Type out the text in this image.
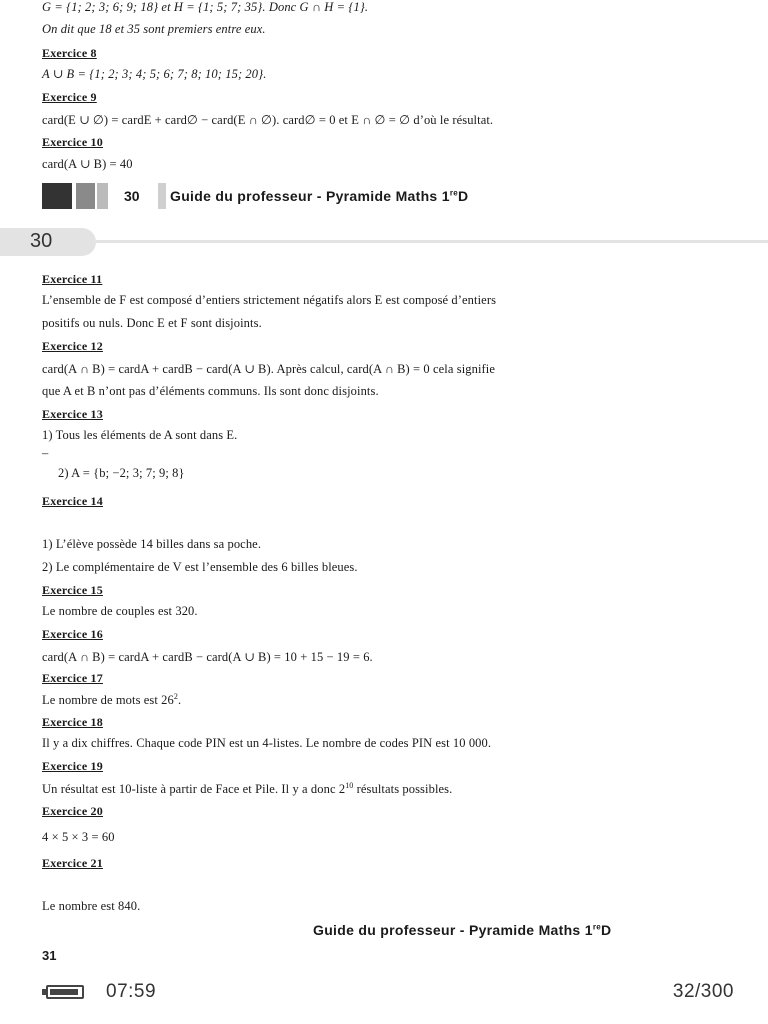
G = {1; 2; 3; 6; 9; 18} et H = {1; 5; 7; 35}. Donc G ∩ H = {1}.
On dit que 18 et 35 sont premiers entre eux.
Exercice 8
A ∪ B = {1; 2; 3; 4; 5; 6; 7; 8; 10; 15; 20}.
Exercice 9
card(E ∪ ∅) = cardE + card∅ − card(E ∩ ∅). card∅ = 0 et E ∩ ∅ = ∅ d’où le résultat.
Exercice 10
card(A ∪ B) = 40
30 Guide du professeur - Pyramide Maths 1reD
30
Exercice 11
L’ensemble de F est composé d’entiers strictement négatifs alors E est composé d’entiers
positifs ou nuls. Donc E et F sont disjoints.
Exercice 12
card(A ∩ B) = cardA + cardB − card(A ∪ B). Après calcul, card(A ∩ B) = 0 cela signifie
que A et B n’ont pas d’éléments communs. Ils sont donc disjoints.
Exercice 13
1) Tous les éléments de A sont dans E.
–
2) A = {b; −2; 3; 7; 9; 8}
Exercice 14
1) L’élève possède 14 billes dans sa poche.
2) Le complémentaire de V est l’ensemble des 6 billes bleues.
Exercice 15
Le nombre de couples est 320.
Exercice 16
card(A ∩ B) = cardA + cardB − card(A ∪ B) = 10 + 15 − 19 = 6.
Exercice 17
Le nombre de mots est $26^2$.
Exercice 18
Il y a dix chiffres. Chaque code PIN est un 4-listes. Le nombre de codes PIN est 10 000.
Exercice 19
Un résultat est 10-liste à partir de Face et Pile. Il y a donc $2^{10}$ résultats possibles.
Exercice 20
4 × 5 × 3 = 60
Exercice 21
Le nombre est 840.
Guide du professeur - Pyramide Maths 1reD
31
07:59	32/300
